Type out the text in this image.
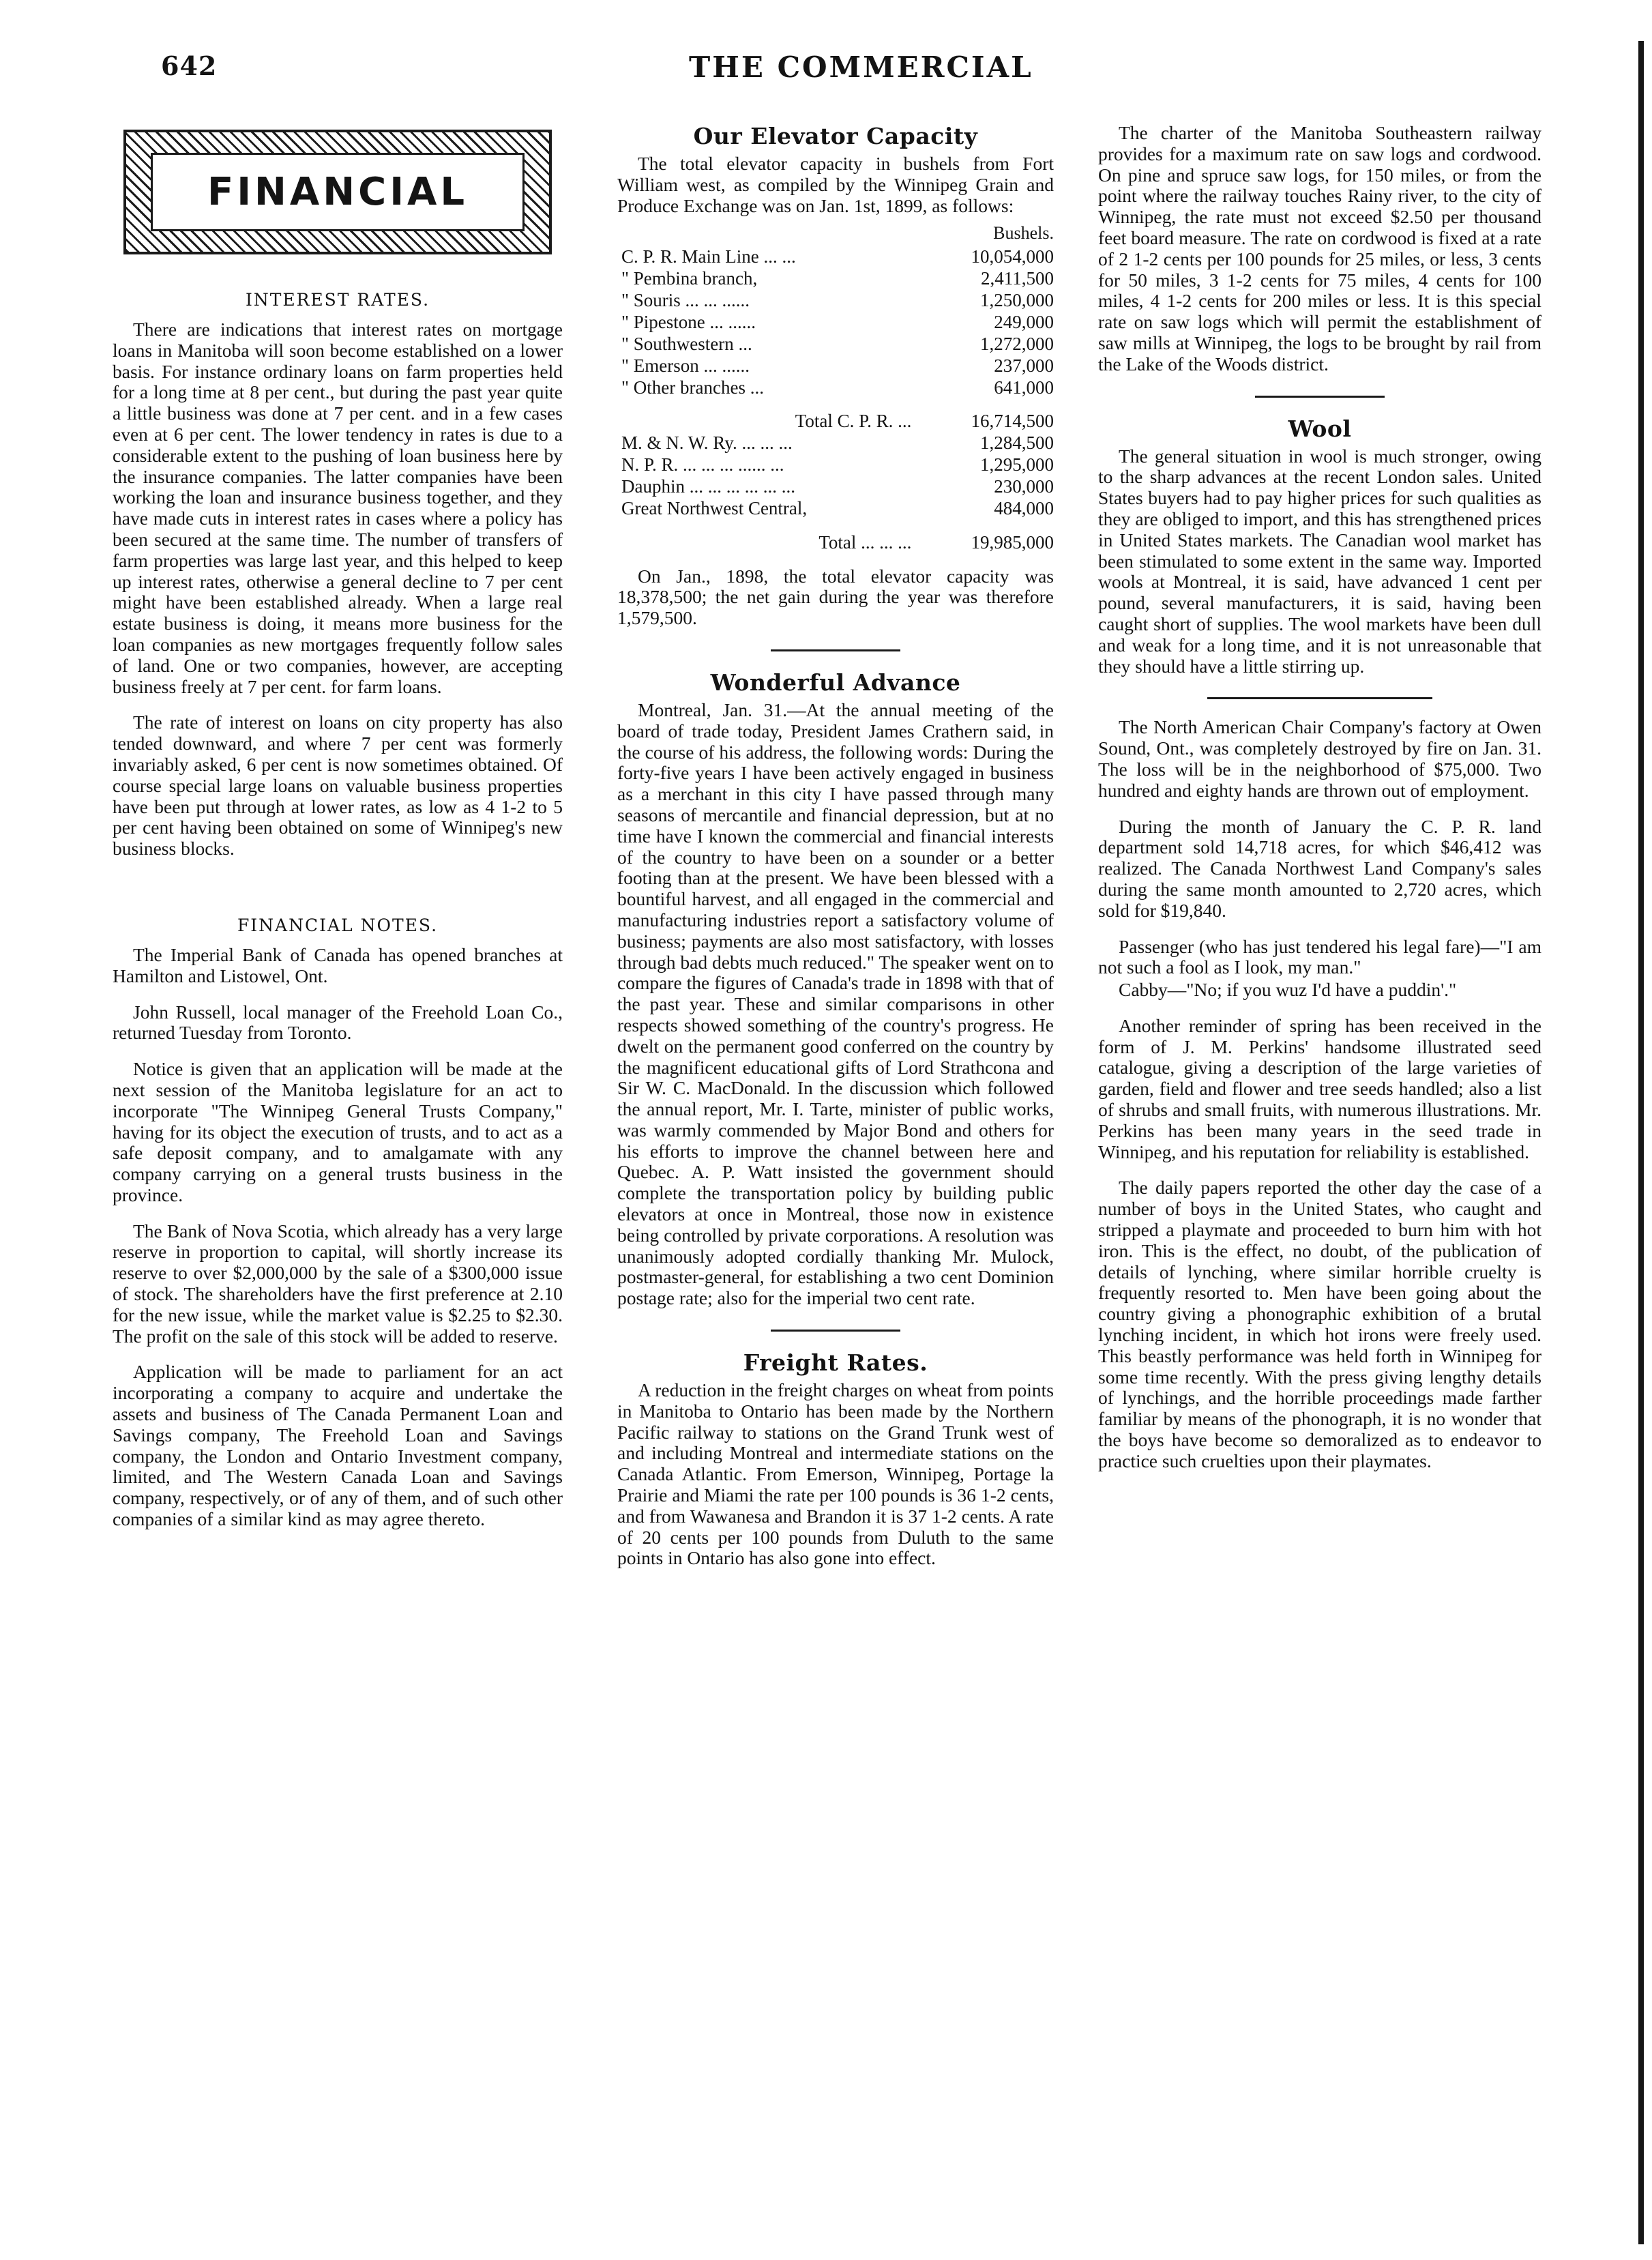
642	THE COMMERCIAL
FINANCIAL
INTEREST RATES.

There are indications that interest rates on mortgage loans in Manitoba will soon become established on a lower basis. For instance ordinary loans on farm properties held for a long time at 8 per cent., but during the past year quite a little business was done at 7 per cent. and in a few cases even at 6 per cent. The lower tendency in rates is due to a considerable extent to the pushing of loan business here by the insurance companies. The latter companies have been working the loan and insurance business together, and they have made cuts in interest rates in cases where a policy has been secured at the same time. The number of transfers of farm properties was large last year, and this helped to keep up interest rates, otherwise a general decline to 7 per cent might have been established already. When a large real estate business is doing, it means more business for the loan companies as new mortgages frequently follow sales of land. One or two companies, however, are accepting business freely at 7 per cent. for farm loans.

The rate of interest on loans on city property has also tended downward, and where 7 per cent was formerly invariably asked, 6 per cent is now sometimes obtained. Of course special large loans on valuable business properties have been put through at lower rates, as low as 4 1-2 to 5 per cent having been obtained on some of Winnipeg's new business blocks.

FINANCIAL NOTES.

The Imperial Bank of Canada has opened branches at Hamilton and Listowel, Ont.

John Russell, local manager of the Freehold Loan Co., returned Tuesday from Toronto.

Notice is given that an application will be made at the next session of the Manitoba legislature for an act to incorporate "The Winnipeg General Trusts Company," having for its object the execution of trusts, and to act as a safe deposit company, and to amalgamate with any company carrying on a general trusts business in the province.

The Bank of Nova Scotia, which already has a very large reserve in proportion to capital, will shortly increase its reserve to over $2,000,000 by the sale of a $300,000 issue of stock. The shareholders have the first preference at 2.10 for the new issue, while the market value is $2.25 to $2.30. The profit on the sale of this stock will be added to reserve.

Application will be made to parliament for an act incorporating a company to acquire and undertake the assets and business of The Canada Permanent Loan and Savings company, The Freehold Loan and Savings company, the London and Ontario Investment company, limited, and The Western Canada Loan and Savings company, respectively, or of any of them, and of such other companies of a similar kind as may agree thereto.

Our Elevator Capacity

The total elevator capacity in bushels from Fort William west, as compiled by the Winnipeg Grain and Produce Exchange was on Jan. 1st, 1899, as follows:

Bushels.
C. P. R. Main Line ... ...	10,054,000
" Pembina branch,	2,411,500
" Souris ... ... ......	1,250,000
" Pipestone ... ......	249,000
" Southwestern ...	1,272,000
" Emerson ... ......	237,000
" Other branches ...	641,000
Total C. P. R. ...	16,714,500
M. & N. W. Ry. ... ... ...	1,284,500
N. P. R. ... ... ... ...... ...	1,295,000
Dauphin ... ... ... ... ... ...	230,000
Great Northwest Central,	484,000
Total ... ... ...	19,985,000

On Jan., 1898, the total elevator capacity was 18,378,500; the net gain during the year was therefore 1,579,500.

Wonderful Advance

Montreal, Jan. 31.—At the annual meeting of the board of trade today, President James Crathern said, in the course of his address, the following words: During the forty-five years I have been actively engaged in business as a merchant in this city I have passed through many seasons of mercantile and financial depression, but at no time have I known the commercial and financial interests of the country to have been on a sounder or a better footing than at the present. We have been blessed with a bountiful harvest, and all engaged in the commercial and manufacturing industries report a satisfactory volume of business; payments are also most satisfactory, with losses through bad debts much reduced." The speaker went on to compare the figures of Canada's trade in 1898 with that of the past year. These and similar comparisons in other respects showed something of the country's progress. He dwelt on the permanent good conferred on the country by the magnificent educational gifts of Lord Strathcona and Sir W. C. MacDonald. In the discussion which followed the annual report, Mr. I. Tarte, minister of public works, was warmly commended by Major Bond and others for his efforts to improve the channel between here and Quebec. A. P. Watt insisted the government should complete the transportation policy by building public elevators at once in Montreal, those now in existence being controlled by private corporations. A resolution was unanimously adopted cordially thanking Mr. Mulock, postmaster-general, for establishing a two cent Dominion postage rate; also for the imperial two cent rate.

Freight Rates.

A reduction in the freight charges on wheat from points in Manitoba to Ontario has been made by the Northern Pacific railway to stations on the Grand Trunk west of and including Montreal and intermediate stations on the Canada Atlantic. From Emerson, Winnipeg, Portage la Prairie and Miami the rate per 100 pounds is 36 1-2 cents, and from Wawanesa and Brandon it is 37 1-2 cents. A rate of 20 cents per 100 pounds from Duluth to the same points in Ontario has also gone into effect.

The charter of the Manitoba Southeastern railway provides for a maximum rate on saw logs and cordwood. On pine and spruce saw logs, for 150 miles, or from the point where the railway touches Rainy river, to the city of Winnipeg, the rate must not exceed $2.50 per thousand feet board measure. The rate on cordwood is fixed at a rate of 2 1-2 cents per 100 pounds for 25 miles, or less, 3 cents for 50 miles, 3 1-2 cents for 75 miles, 4 cents for 100 miles, 4 1-2 cents for 200 miles or less. It is this special rate on saw logs which will permit the establishment of saw mills at Winnipeg, the logs to be brought by rail from the Lake of the Woods district.

Wool

The general situation in wool is much stronger, owing to the sharp advances at the recent London sales. United States buyers had to pay higher prices for such qualities as they are obliged to import, and this has strengthened prices in United States markets. The Canadian wool market has been stimulated to some extent in the same way. Imported wools at Montreal, it is said, have advanced 1 cent per pound, several manufacturers, it is said, having been caught short of supplies. The wool markets have been dull and weak for a long time, and it is not unreasonable that they should have a little stirring up.

The North American Chair Company's factory at Owen Sound, Ont., was completely destroyed by fire on Jan. 31. The loss will be in the neighborhood of $75,000. Two hundred and eighty hands are thrown out of employment.

During the month of January the C. P. R. land department sold 14,718 acres, for which $46,412 was realized. The Canada Northwest Land Company's sales during the same month amounted to 2,720 acres, which sold for $19,840.

Passenger (who has just tendered his legal fare)—"I am not such a fool as I look, my man."

Cabby—"No; if you wuz I'd have a puddin'."

Another reminder of spring has been received in the form of J. M. Perkins' handsome illustrated seed catalogue, giving a description of the large varieties of garden, field and flower and tree seeds handled; also a list of shrubs and small fruits, with numerous illustrations. Mr. Perkins has been many years in the seed trade in Winnipeg, and his reputation for reliability is established.

The daily papers reported the other day the case of a number of boys in the United States, who caught and stripped a playmate and proceeded to burn him with hot iron. This is the effect, no doubt, of the publication of details of lynching, where similar horrible cruelty is frequently resorted to. Men have been going about the country giving a phonographic exhibition of a brutal lynching incident, in which hot irons were freely used. This beastly performance was held forth in Winnipeg for some time recently. With the press giving lengthy details of lynchings, and the horrible proceedings made farther familiar by means of the phonograph, it is no wonder that the boys have become so demoralized as to endeavor to practice such cruelties upon their playmates.
